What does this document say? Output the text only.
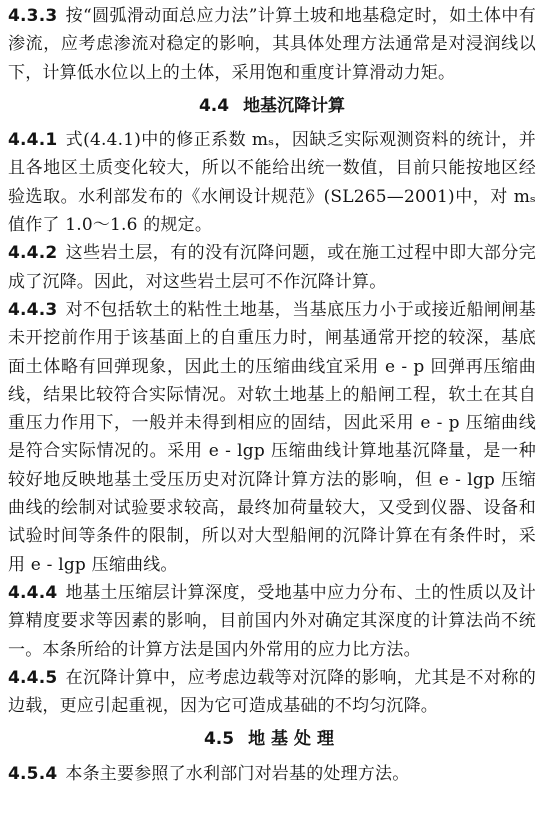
4.3.3 按“圆弧滑动面总应力法”计算土坡和地基稳定时，如土体中有渗流，应考虑渗流对稳定的影响，其具体处理方法通常是对浸润线以下，计算低水位以上的土体，采用饱和重度计算滑动力矩。

4.4 地基沉降计算

4.4.1 式(4.4.1)中的修正系数 mₛ，因缺乏实际观测资料的统计，并且各地区土质变化较大，所以不能给出统一数值，目前只能按地区经验选取。水利部发布的《水闸设计规范》(SL265—2001)中，对 mₛ 值作了 1.0～1.6 的规定。

4.4.2 这些岩土层，有的没有沉降问题，或在施工过程中即大部分完成了沉降。因此，对这些岩土层可不作沉降计算。

4.4.3 对不包括软土的粘性土地基，当基底压力小于或接近船闸闸基未开挖前作用于该基面上的自重压力时，闸基通常开挖的较深，基底面土体略有回弹现象，因此土的压缩曲线宜采用 e - p 回弹再压缩曲线，结果比较符合实际情况。对软土地基上的船闸工程，软土在其自重压力作用下，一般并未得到相应的固结，因此采用 e - p 压缩曲线是符合实际情况的。采用 e - lgp 压缩曲线计算地基沉降量，是一种较好地反映地基土受压历史对沉降计算方法的影响，但 e - lgp 压缩曲线的绘制对试验要求较高，最终加荷量较大，又受到仪器、设备和试验时间等条件的限制，所以对大型船闸的沉降计算在有条件时，采用 e - lgp 压缩曲线。

4.4.4 地基土压缩层计算深度，受地基中应力分布、土的性质以及计算精度要求等因素的影响，目前国内外对确定其深度的计算法尚不统一。本条所给的计算方法是国内外常用的应力比方法。

4.4.5 在沉降计算中，应考虑边载等对沉降的影响，尤其是不对称的边载，更应引起重视，因为它可造成基础的不均匀沉降。

4.5 地基处理

4.5.4 本条主要参照了水利部门对岩基的处理方法。
